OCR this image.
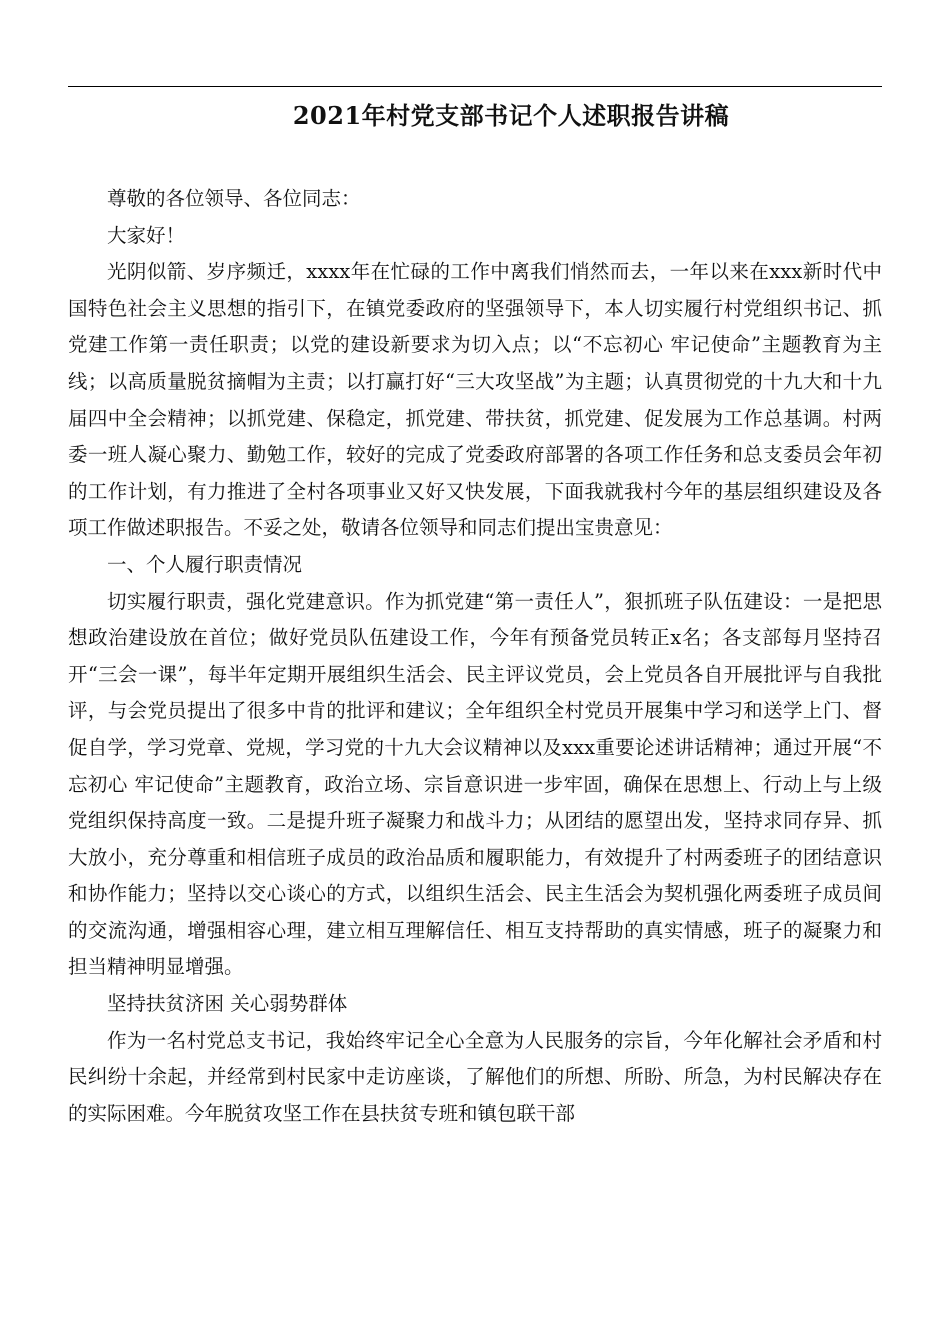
2021年村党支部书记个人述职报告讲稿

尊敬的各位领导、各位同志：

大家好！

光阴似箭、岁序频迁，xxxx年在忙碌的工作中离我们悄然而去，一年以来在xxx新时代中国特色社会主义思想的指引下，在镇党委政府的坚强领导下，本人切实履行村党组织书记、抓党建工作第一责任职责；以党的建设新要求为切入点；以“不忘初心 牢记使命”主题教育为主线；以高质量脱贫摘帽为主责；以打赢打好“三大攻坚战”为主题；认真贯彻党的十九大和十九届四中全会精神；以抓党建、保稳定，抓党建、带扶贫，抓党建、促发展为工作总基调。村两委一班人凝心聚力、勤勉工作，较好的完成了党委政府部署的各项工作任务和总支委员会年初的工作计划，有力推进了全村各项事业又好又快发展，下面我就我村今年的基层组织建设及各项工作做述职报告。不妥之处，敬请各位领导和同志们提出宝贵意见：

一、个人履行职责情况

切实履行职责，强化党建意识。作为抓党建“第一责任人”，狠抓班子队伍建设：一是把思想政治建设放在首位；做好党员队伍建设工作，今年有预备党员转正x名；各支部每月坚持召开“三会一课”，每半年定期开展组织生活会、民主评议党员，会上党员各自开展批评与自我批评，与会党员提出了很多中肯的批评和建议；全年组织全村党员开展集中学习和送学上门、督促自学，学习党章、党规，学习党的十九大会议精神以及xxx重要论述讲话精神；通过开展“不忘初心 牢记使命”主题教育，政治立场、宗旨意识进一步牢固，确保在思想上、行动上与上级党组织保持高度一致。二是提升班子凝聚力和战斗力；从团结的愿望出发，坚持求同存异、抓大放小，充分尊重和相信班子成员的政治品质和履职能力，有效提升了村两委班子的团结意识和协作能力；坚持以交心谈心的方式，以组织生活会、民主生活会为契机强化两委班子成员间的交流沟通，增强相容心理，建立相互理解信任、相互支持帮助的真实情感，班子的凝聚力和担当精神明显增强。

坚持扶贫济困 关心弱势群体

作为一名村党总支书记，我始终牢记全心全意为人民服务的宗旨，今年化解社会矛盾和村民纠纷十余起，并经常到村民家中走访座谈，了解他们的所想、所盼、所急，为村民解决存在的实际困难。今年脱贫攻坚工作在县扶贫专班和镇包联干部
